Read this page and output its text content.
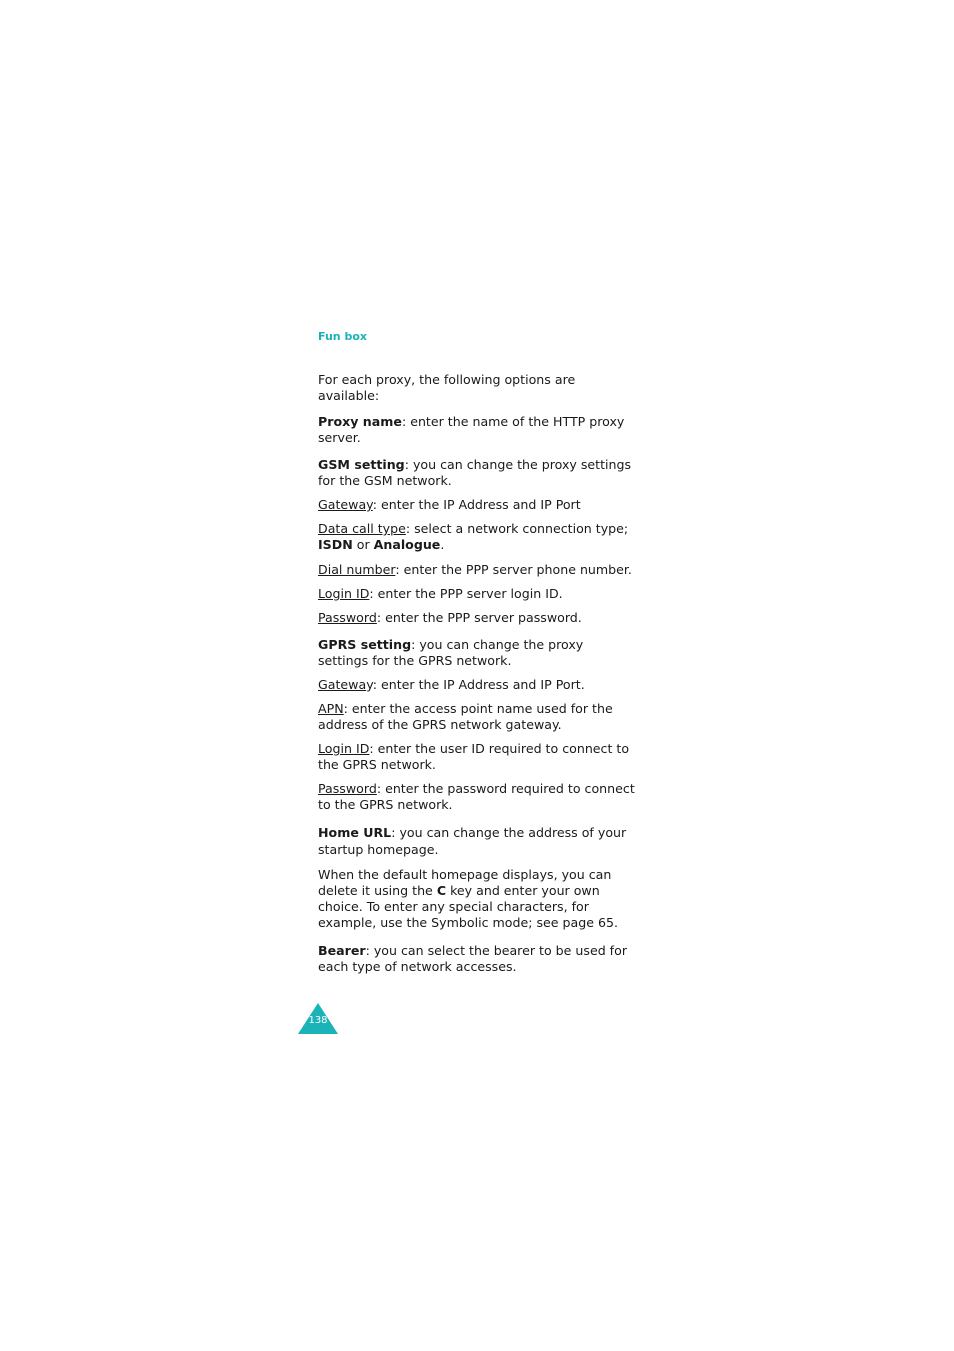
Fun box

For each proxy, the following options are available:

Proxy name: enter the name of the HTTP proxy server.

GSM setting: you can change the proxy settings for the GSM network.

Gateway: enter the IP Address and IP Port

Data call type: select a network connection type; ISDN or Analogue.

Dial number: enter the PPP server phone number.

Login ID: enter the PPP server login ID.

Password: enter the PPP server password.

GPRS setting: you can change the proxy settings for the GPRS network.

Gateway: enter the IP Address and IP Port.

APN: enter the access point name used for the address of the GPRS network gateway.

Login ID: enter the user ID required to connect to the GPRS network.

Password: enter the password required to connect to the GPRS network.

Home URL: you can change the address of your startup homepage.

When the default homepage displays, you can delete it using the C key and enter your own choice. To enter any special characters, for example, use the Symbolic mode; see page 65.

Bearer: you can select the bearer to be used for each type of network accesses.

138
